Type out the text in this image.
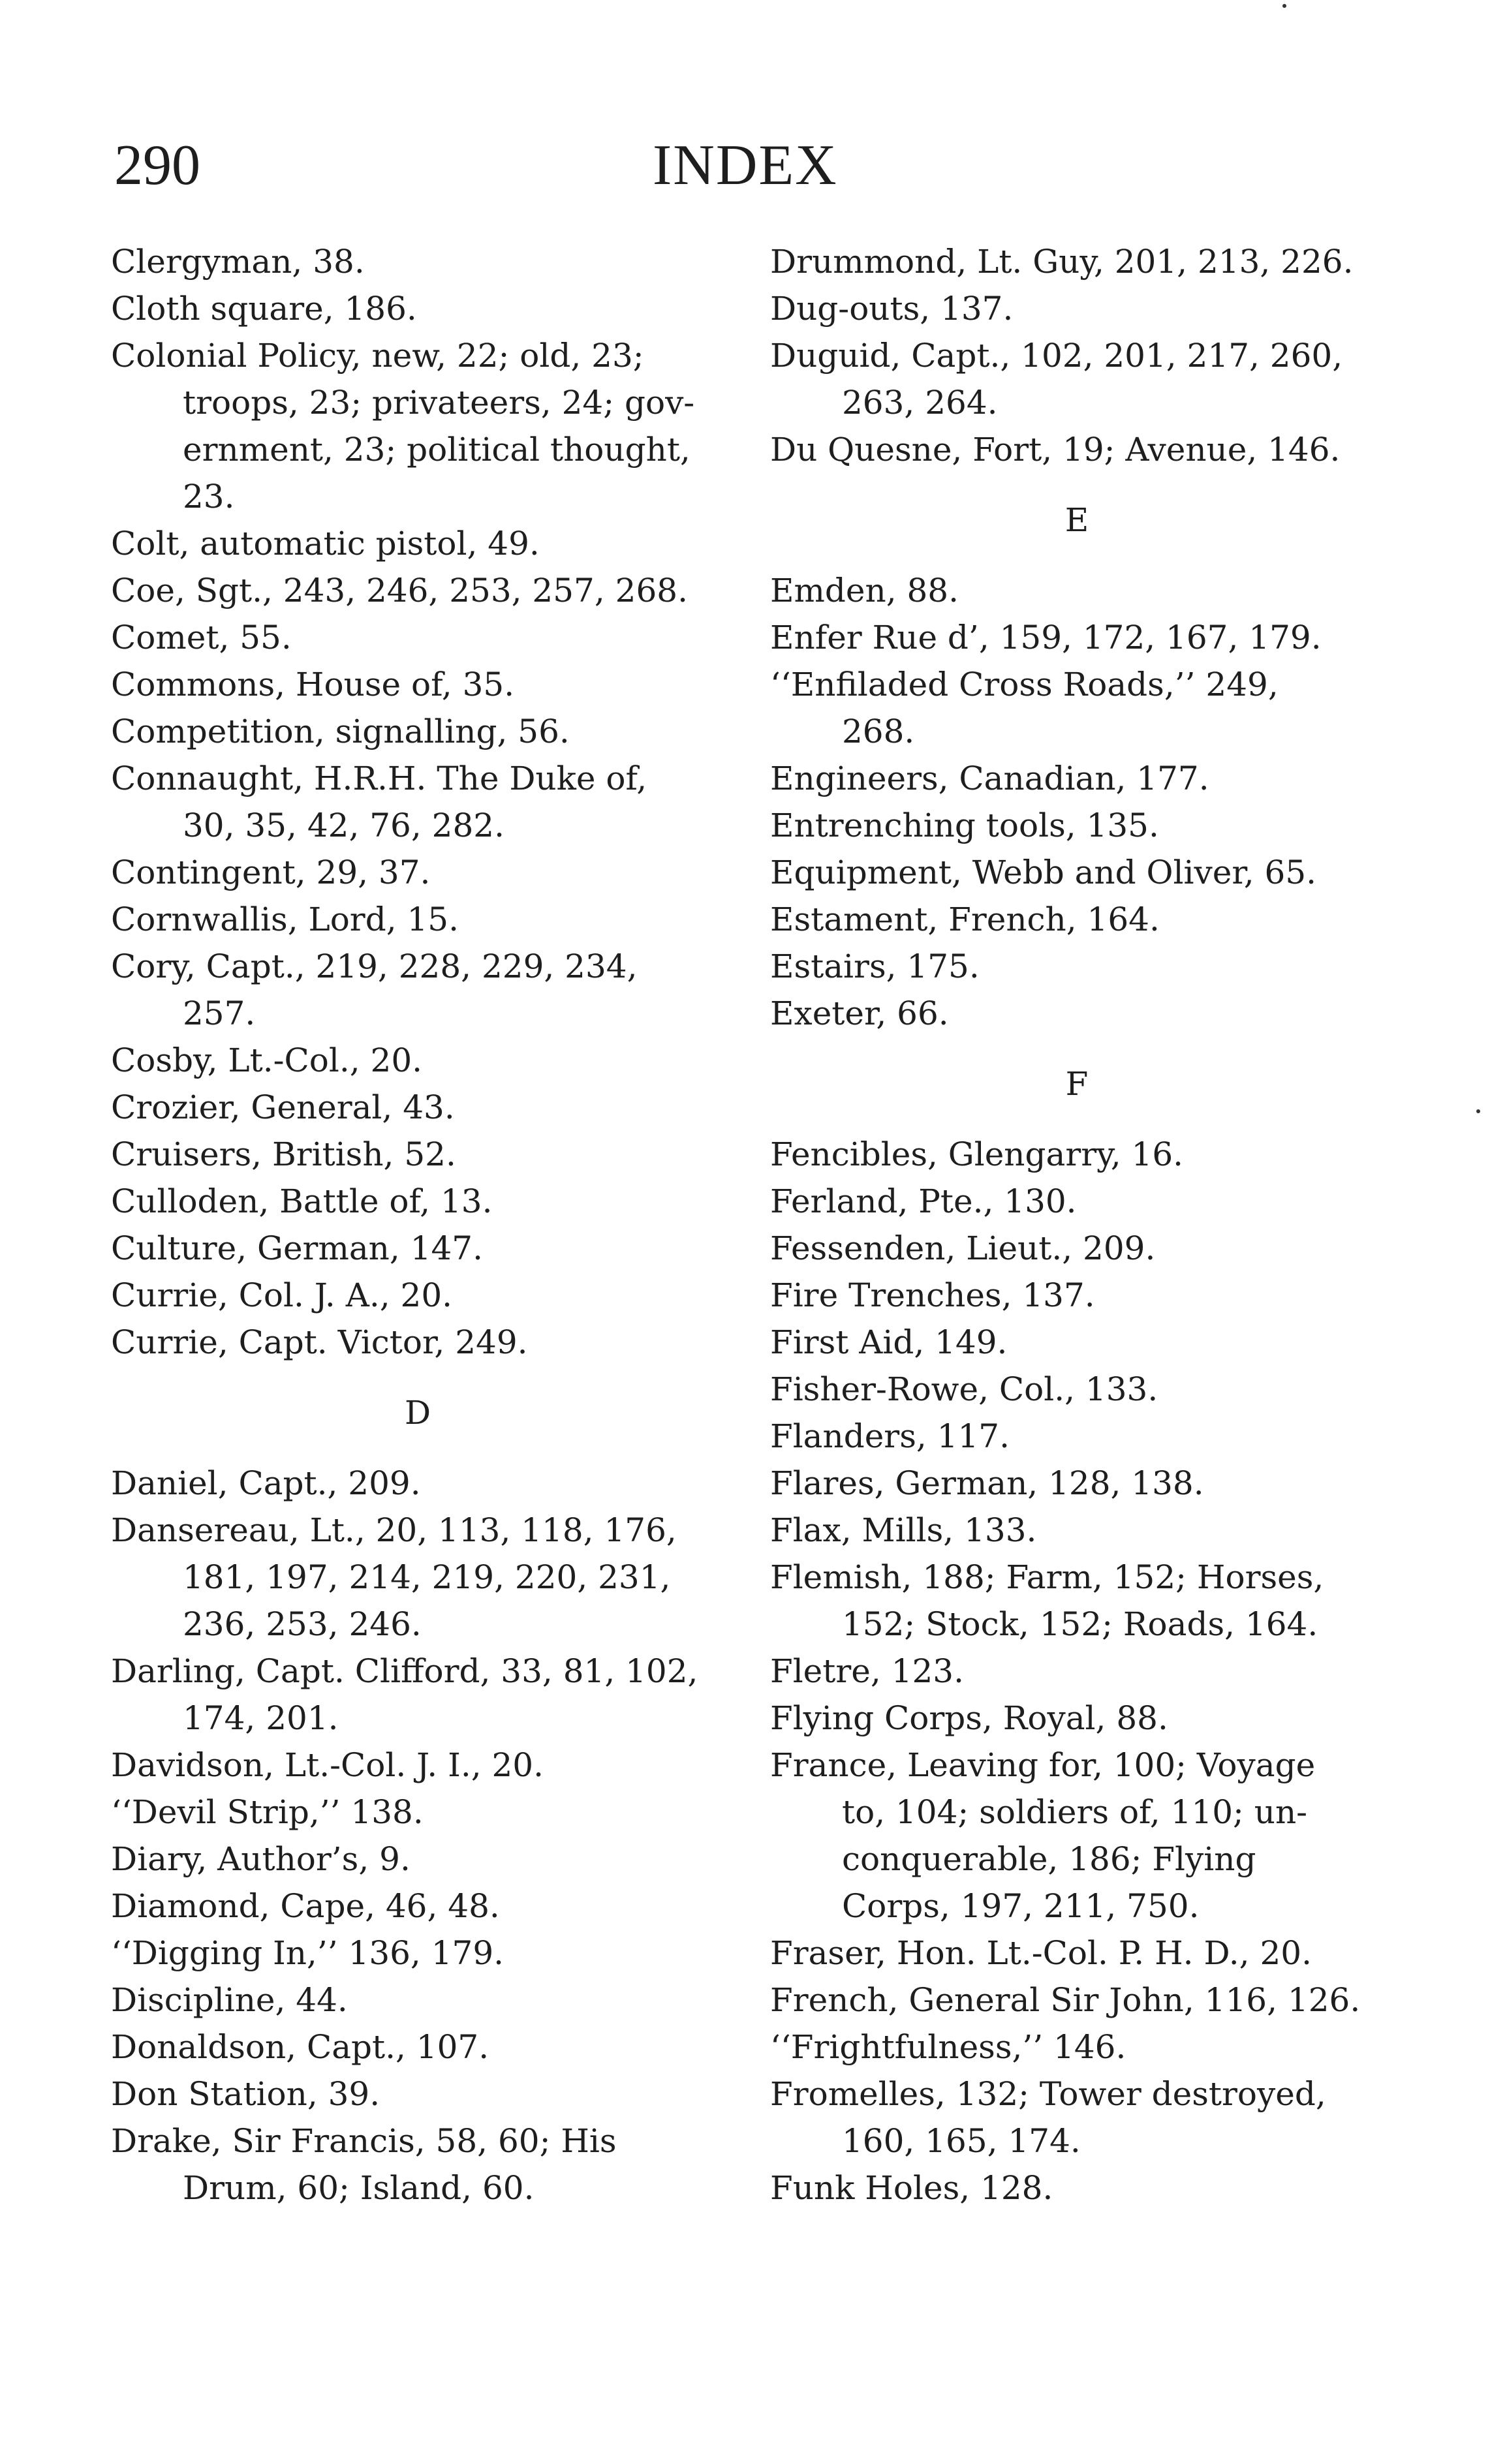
290	INDEX

Clergyman, 38.

Cloth square, 186.

Colonial Policy, new, 22; old, 23;
troops, 23; privateers, 24; gov-
ernment, 23; political thought,
23.

Colt, automatic pistol, 49.

Coe, Sgt., 243, 246, 253, 257, 268.

Comet, 55.

Commons, House of, 35.

Competition, signalling, 56.

Connaught, H.R.H. The Duke of,
30, 35, 42, 76, 282.

Contingent, 29, 37.

Cornwallis, Lord, 15.

Cory, Capt., 219, 228, 229, 234,
257.

Cosby, Lt.-Col., 20.

Crozier, General, 43.

Cruisers, British, 52.

Culloden, Battle of, 13.

Culture, German, 147.

Currie, Col. J. A., 20.

Currie, Capt. Victor, 249.

D

Daniel, Capt., 209.

Dansereau, Lt., 20, 113, 118, 176,
181, 197, 214, 219, 220, 231,
236, 253, 246.

Darling, Capt. Clifford, 33, 81, 102,
174, 201.

Davidson, Lt.-Col. J. I., 20.

‘‘Devil Strip,’’ 138.

Diary, Author’s, 9.

Diamond, Cape, 46, 48.

‘‘Digging In,’’ 136, 179.

Discipline, 44.

Donaldson, Capt., 107.

Don Station, 39.

Drake, Sir Francis, 58, 60; His
Drum, 60; Island, 60.

Drummond, Lt. Guy, 201, 213, 226.

Dug-outs, 137.

Duguid, Capt., 102, 201, 217, 260,
263, 264.

Du Quesne, Fort, 19; Avenue, 146.

E

Emden, 88.

Enfer Rue d’, 159, 172, 167, 179.

‘‘Enfiladed Cross Roads,’’ 249,
268.

Engineers, Canadian, 177.

Entrenching tools, 135.

Equipment, Webb and Oliver, 65.

Estament, French, 164.

Estairs, 175.

Exeter, 66.

F

Fencibles, Glengarry, 16.

Ferland, Pte., 130.

Fessenden, Lieut., 209.

Fire Trenches, 137.

First Aid, 149.

Fisher-Rowe, Col., 133.

Flanders, 117.

Flares, German, 128, 138.

Flax, Mills, 133.

Flemish, 188; Farm, 152; Horses,
152; Stock, 152; Roads, 164.

Fletre, 123.

Flying Corps, Royal, 88.

France, Leaving for, 100; Voyage
to, 104; soldiers of, 110; un-
conquerable, 186; Flying
Corps, 197, 211, 750.

Fraser, Hon. Lt.-Col. P. H. D., 20.

French, General Sir John, 116, 126.

‘‘Frightfulness,’’ 146.

Fromelles, 132; Tower destroyed,
160, 165, 174.

Funk Holes, 128.
